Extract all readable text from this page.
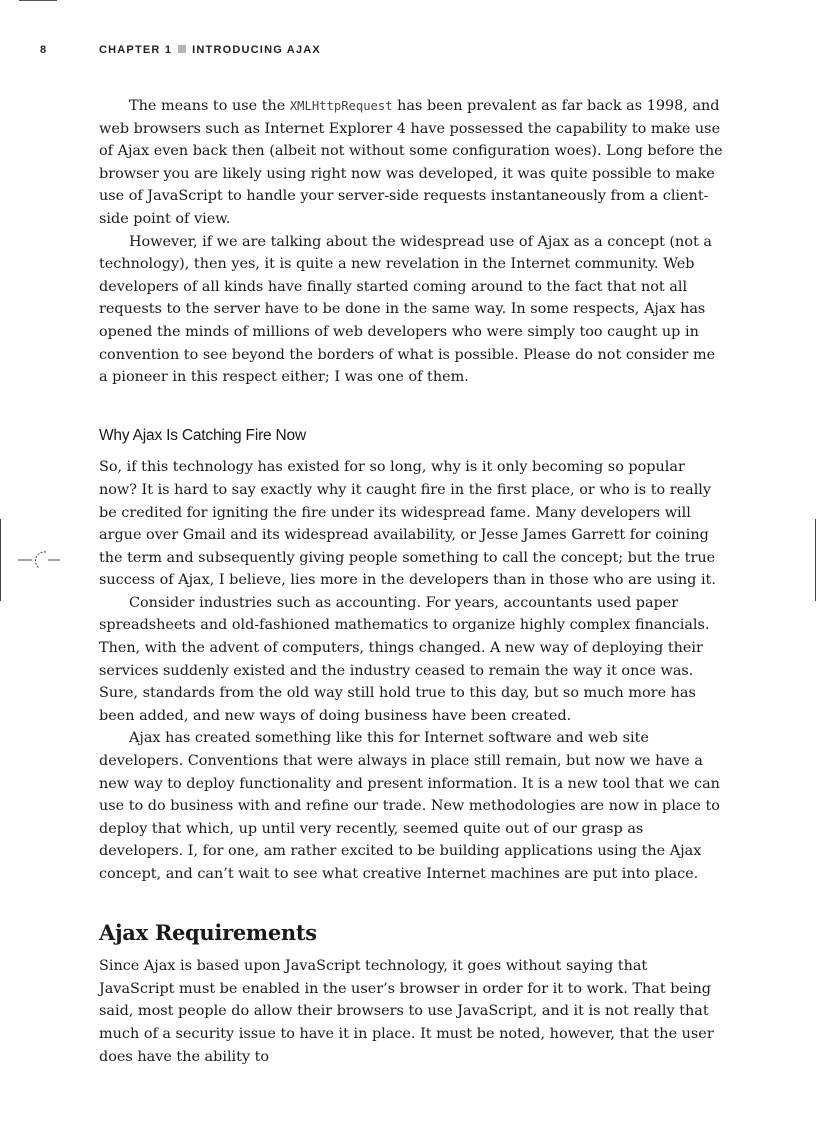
8	CHAPTER 1 INTRODUCING AJAX

The means to use the XMLHttpRequest has been prevalent as far back as 1998, and web browsers such as Internet Explorer 4 have possessed the capability to make use of Ajax even back then (albeit not without some configuration woes). Long before the browser you are likely using right now was developed, it was quite possible to make use of JavaScript to handle your server-side requests instantaneously from a client-side point of view.

However, if we are talking about the widespread use of Ajax as a concept (not a technology), then yes, it is quite a new revelation in the Internet community. Web developers of all kinds have finally started coming around to the fact that not all requests to the server have to be done in the same way. In some respects, Ajax has opened the minds of millions of web developers who were simply too caught up in convention to see beyond the borders of what is possible. Please do not consider me a pioneer in this respect either; I was one of them.

Why Ajax Is Catching Fire Now

So, if this technology has existed for so long, why is it only becoming so popular now? It is hard to say exactly why it caught fire in the first place, or who is to really be credited for igniting the fire under its widespread fame. Many developers will argue over Gmail and its widespread availability, or Jesse James Garrett for coining the term and subsequently giving people something to call the concept; but the true success of Ajax, I believe, lies more in the developers than in those who are using it.

Consider industries such as accounting. For years, accountants used paper spreadsheets and old-fashioned mathematics to organize highly complex financials. Then, with the advent of computers, things changed. A new way of deploying their services suddenly existed and the industry ceased to remain the way it once was. Sure, standards from the old way still hold true to this day, but so much more has been added, and new ways of doing business have been created.

Ajax has created something like this for Internet software and web site developers. Conventions that were always in place still remain, but now we have a new way to deploy functionality and present information. It is a new tool that we can use to do business with and refine our trade. New methodologies are now in place to deploy that which, up until very recently, seemed quite out of our grasp as developers. I, for one, am rather excited to be building applications using the Ajax concept, and can’t wait to see what creative Internet machines are put into place.

Ajax Requirements

Since Ajax is based upon JavaScript technology, it goes without saying that JavaScript must be enabled in the user’s browser in order for it to work. That being said, most people do allow their browsers to use JavaScript, and it is not really that much of a security issue to have it in place. It must be noted, however, that the user does have the ability to
